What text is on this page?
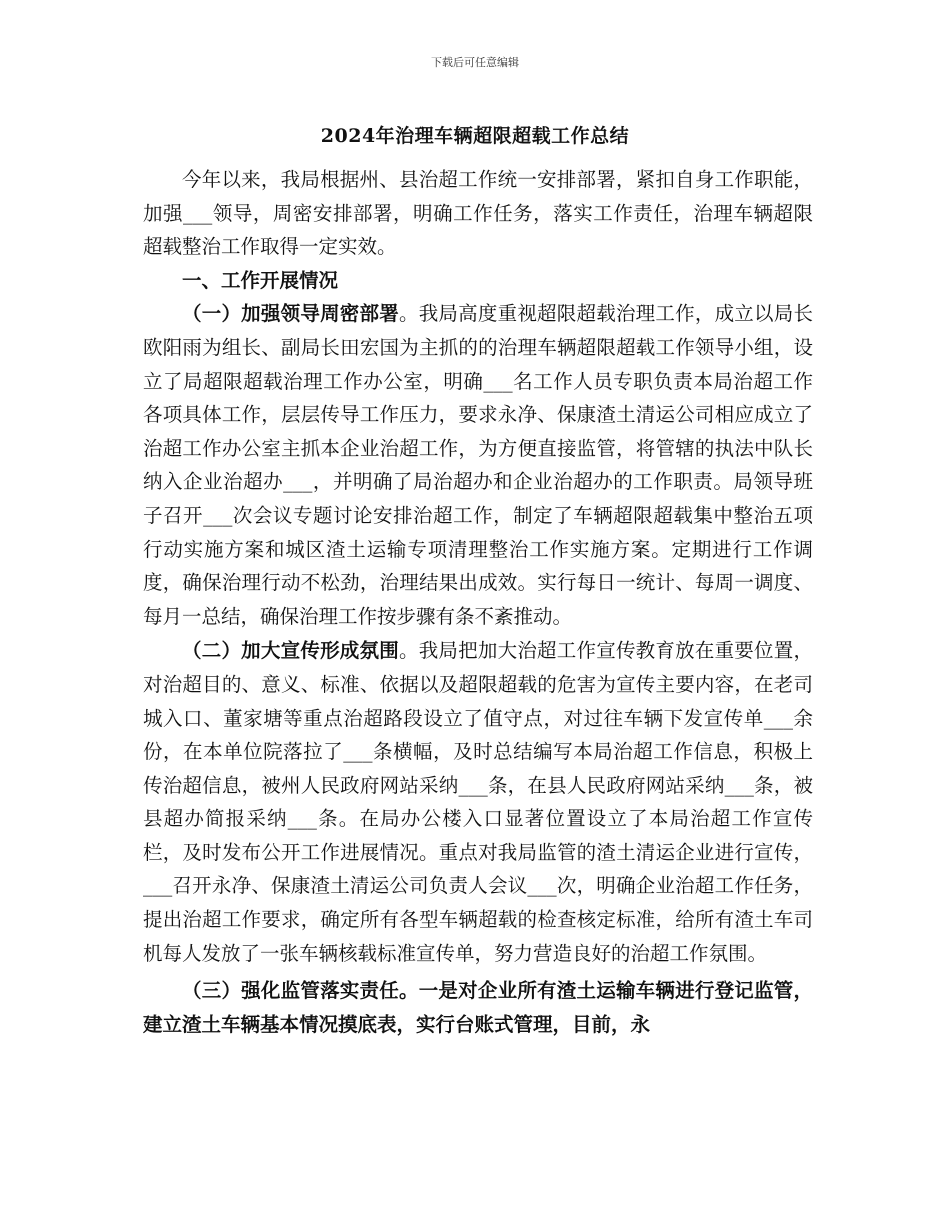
下载后可任意编辑
2024年治理车辆超限超载工作总结

今年以来，我局根据州、县治超工作统一安排部署，紧扣自身工作职能，加强___领导，周密安排部署，明确工作任务，落实工作责任，治理车辆超限超载整治工作取得一定实效。

一、工作开展情况

（一）加强领导周密部署。我局高度重视超限超载治理工作，成立以局长欧阳雨为组长、副局长田宏国为主抓的的治理车辆超限超载工作领导小组，设立了局超限超载治理工作办公室，明确___名工作人员专职负责本局治超工作各项具体工作，层层传导工作压力，要求永净、保康渣土清运公司相应成立了治超工作办公室主抓本企业治超工作，为方便直接监管，将管辖的执法中队长纳入企业治超办___，并明确了局治超办和企业治超办的工作职责。局领导班子召开___次会议专题讨论安排治超工作，制定了车辆超限超载集中整治五项行动实施方案和城区渣土运输专项清理整治工作实施方案。定期进行工作调度，确保治理行动不松劲，治理结果出成效。实行每日一统计、每周一调度、每月一总结，确保治理工作按步骤有条不紊推动。

（二）加大宣传形成氛围。我局把加大治超工作宣传教育放在重要位置，对治超目的、意义、标准、依据以及超限超载的危害为宣传主要内容，在老司城入口、董家塘等重点治超路段设立了值守点，对过往车辆下发宣传单___余份，在本单位院落拉了___条横幅，及时总结编写本局治超工作信息，积极上传治超信息，被州人民政府网站采纳___条，在县人民政府网站采纳___条，被县超办简报采纳___条。在局办公楼入口显著位置设立了本局治超工作宣传栏，及时发布公开工作进展情况。重点对我局监管的渣土清运企业进行宣传，___召开永净、保康渣土清运公司负责人会议___次，明确企业治超工作任务，提出治超工作要求，确定所有各型车辆超载的检查核定标准，给所有渣土车司机每人发放了一张车辆核载标准宣传单，努力营造良好的治超工作氛围。

（三）强化监管落实责任。一是对企业所有渣土运输车辆进行登记监管，建立渣土车辆基本情况摸底表，实行台账式管理，目前，永
